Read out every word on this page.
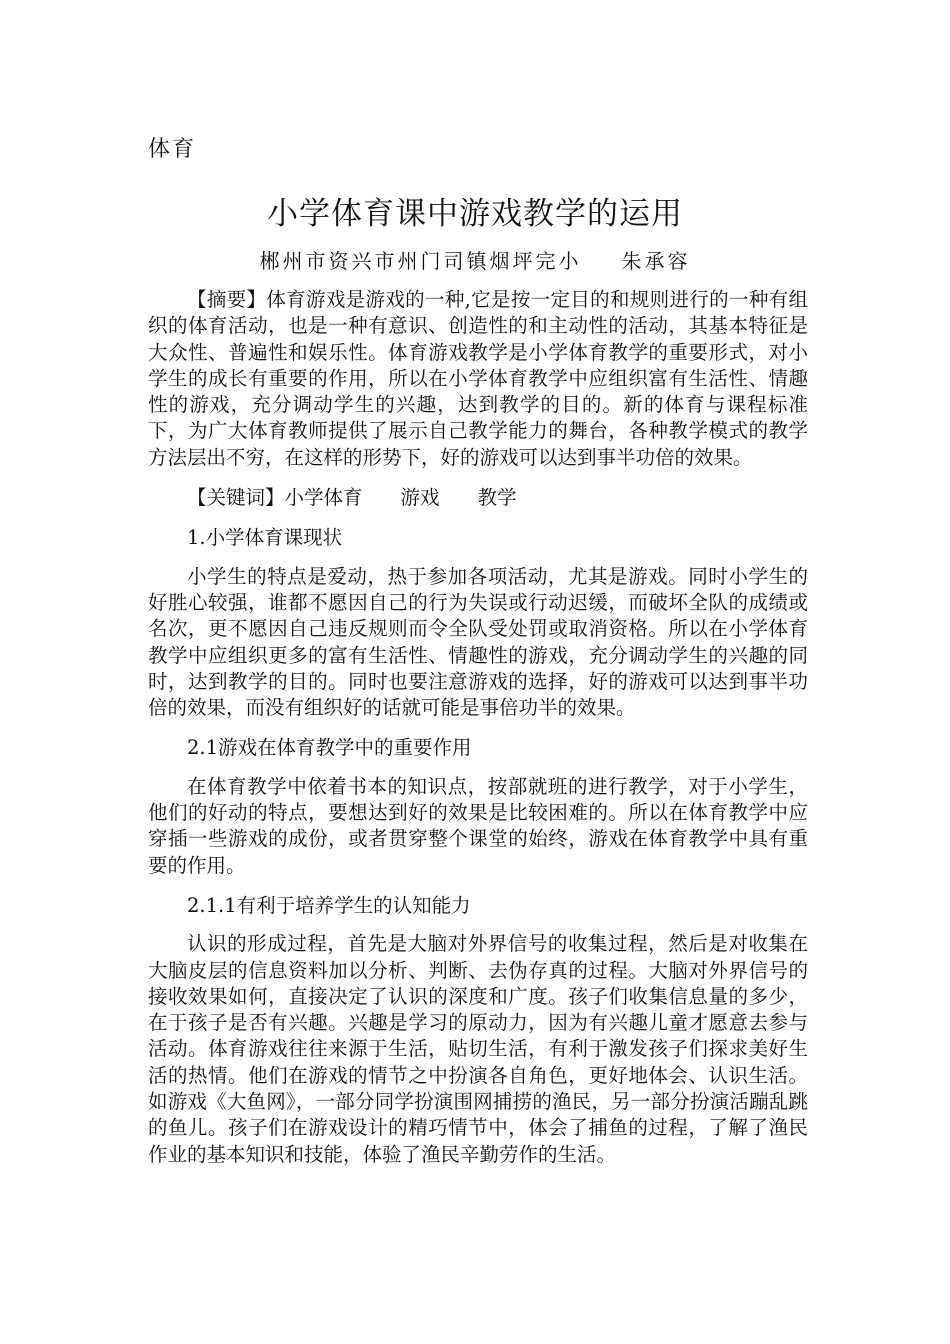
体育
小学体育课中游戏教学的运用
郴州市资兴市州门司镇烟坪完小 朱承容

【摘要】体育游戏是游戏的一种,它是按一定目的和规则进行的一种有组织的体育活动，也是一种有意识、创造性的和主动性的活动，其基本特征是大众性、普遍性和娱乐性。体育游戏教学是小学体育教学的重要形式，对小学生的成长有重要的作用，所以在小学体育教学中应组织富有生活性、情趣性的游戏，充分调动学生的兴趣，达到教学的目的。新的体育与课程标准下，为广大体育教师提供了展示自己教学能力的舞台，各种教学模式的教学方法层出不穷，在这样的形势下，好的游戏可以达到事半功倍的效果。

【关键词】小学体育 游戏 教学

1.小学体育课现状

小学生的特点是爱动，热于参加各项活动，尤其是游戏。同时小学生的好胜心较强，谁都不愿因自己的行为失误或行动迟缓，而破坏全队的成绩或名次，更不愿因自己违反规则而令全队受处罚或取消资格。所以在小学体育教学中应组织更多的富有生活性、情趣性的游戏，充分调动学生的兴趣的同时，达到教学的目的。同时也要注意游戏的选择，好的游戏可以达到事半功倍的效果，而没有组织好的话就可能是事倍功半的效果。

2.1游戏在体育教学中的重要作用

在体育教学中依着书本的知识点，按部就班的进行教学，对于小学生，他们的好动的特点，要想达到好的效果是比较困难的。所以在体育教学中应穿插一些游戏的成份，或者贯穿整个课堂的始终，游戏在体育教学中具有重要的作用。

2.1.1有利于培养学生的认知能力

认识的形成过程，首先是大脑对外界信号的收集过程，然后是对收集在大脑皮层的信息资料加以分析、判断、去伪存真的过程。大脑对外界信号的接收效果如何，直接决定了认识的深度和广度。孩子们收集信息量的多少，在于孩子是否有兴趣。兴趣是学习的原动力，因为有兴趣儿童才愿意去参与活动。体育游戏往往来源于生活，贴切生活，有利于激发孩子们探求美好生活的热情。他们在游戏的情节之中扮演各自角色，更好地体会、认识生活。如游戏《大鱼网》，一部分同学扮演围网捕捞的渔民，另一部分扮演活蹦乱跳的鱼儿。孩子们在游戏设计的精巧情节中，体会了捕鱼的过程，了解了渔民作业的基本知识和技能，体验了渔民辛勤劳作的生活。
